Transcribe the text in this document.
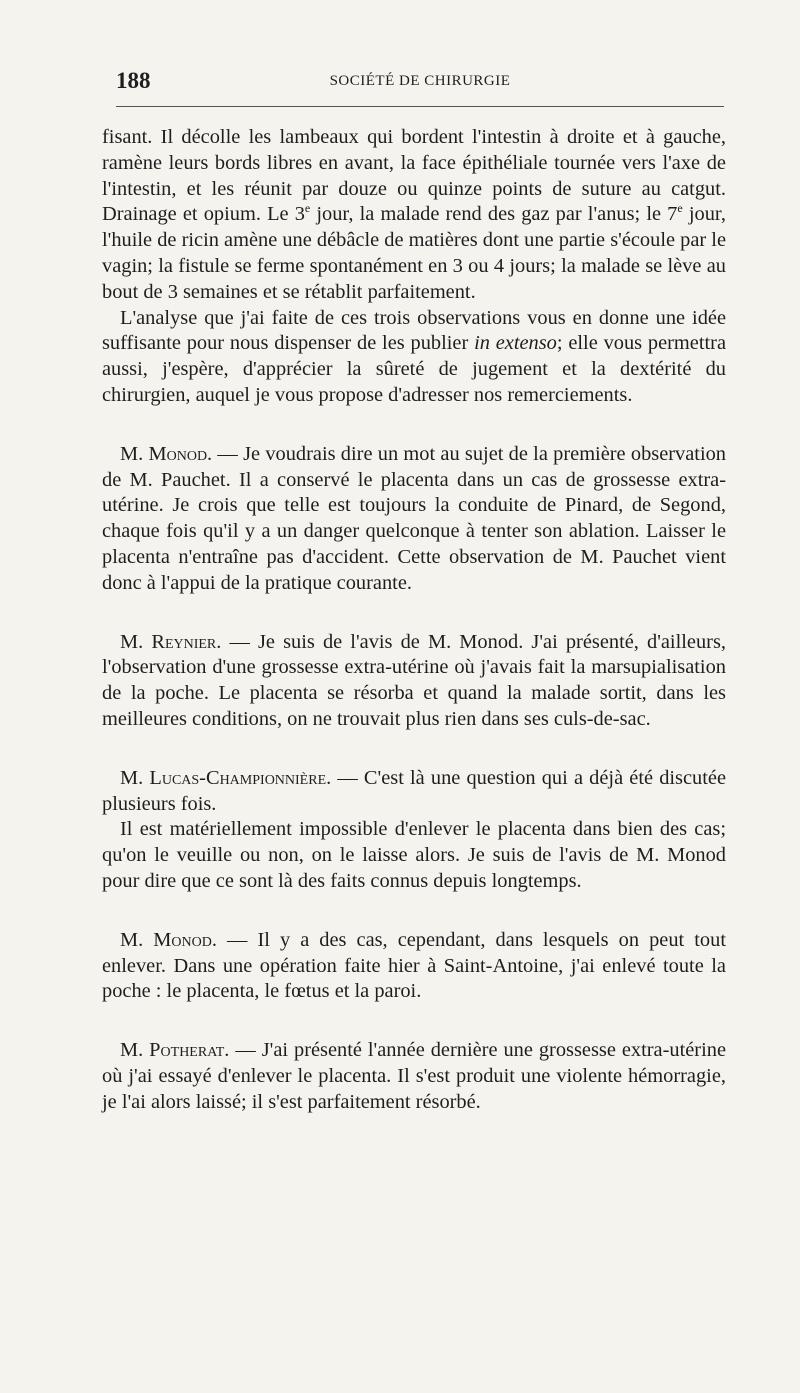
188	SOCIÉTÉ DE CHIRURGIE

fisant. Il décolle les lambeaux qui bordent l'intestin à droite et à gauche, ramène leurs bords libres en avant, la face épithéliale tournée vers l'axe de l'intestin, et les réunit par douze ou quinze points de suture au catgut. Drainage et opium. Le 3e jour, la malade rend des gaz par l'anus; le 7e jour, l'huile de ricin amène une débâcle de matières dont une partie s'écoule par le vagin; la fistule se ferme spontanément en 3 ou 4 jours; la malade se lève au bout de 3 semaines et se rétablit parfaitement.

L'analyse que j'ai faite de ces trois observations vous en donne une idée suffisante pour nous dispenser de les publier in extenso; elle vous permettra aussi, j'espère, d'apprécier la sûreté de jugement et la dextérité du chirurgien, auquel je vous propose d'adresser nos remerciements.

M. Monod. — Je voudrais dire un mot au sujet de la première observation de M. Pauchet. Il a conservé le placenta dans un cas de grossesse extra-utérine. Je crois que telle est toujours la conduite de Pinard, de Segond, chaque fois qu'il y a un danger quelconque à tenter son ablation. Laisser le placenta n'entraîne pas d'accident. Cette observation de M. Pauchet vient donc à l'appui de la pratique courante.

M. Reynier. — Je suis de l'avis de M. Monod. J'ai présenté, d'ailleurs, l'observation d'une grossesse extra-utérine où j'avais fait la marsupialisation de la poche. Le placenta se résorba et quand la malade sortit, dans les meilleures conditions, on ne trouvait plus rien dans ses culs-de-sac.

M. Lucas-Championnière. — C'est là une question qui a déjà été discutée plusieurs fois.

Il est matériellement impossible d'enlever le placenta dans bien des cas; qu'on le veuille ou non, on le laisse alors. Je suis de l'avis de M. Monod pour dire que ce sont là des faits connus depuis longtemps.

M. Monod. — Il y a des cas, cependant, dans lesquels on peut tout enlever. Dans une opération faite hier à Saint-Antoine, j'ai enlevé toute la poche : le placenta, le fœtus et la paroi.

M. Potherat. — J'ai présenté l'année dernière une grossesse extra-utérine où j'ai essayé d'enlever le placenta. Il s'est produit une violente hémorragie, je l'ai alors laissé; il s'est parfaitement résorbé.
